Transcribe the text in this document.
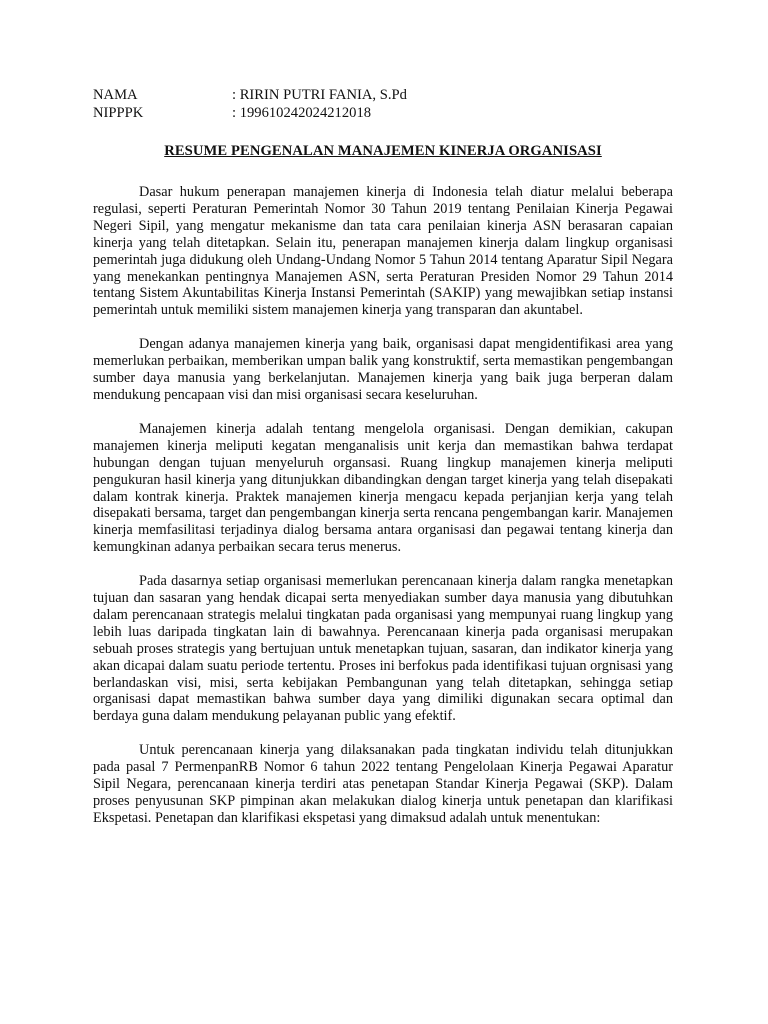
NAMA	: RIRIN PUTRI FANIA, S.Pd
NIPPPK	: 199610242024212018
RESUME PENGENALAN MANAJEMEN KINERJA ORGANISASI

Dasar hukum penerapan manajemen kinerja di Indonesia telah diatur melalui beberapa regulasi, seperti Peraturan Pemerintah Nomor 30 Tahun 2019 tentang Penilaian Kinerja Pegawai Negeri Sipil, yang mengatur mekanisme dan tata cara penilaian kinerja ASN berasaran capaian kinerja yang telah ditetapkan. Selain itu, penerapan manajemen kinerja dalam lingkup organisasi pemerintah juga didukung oleh Undang-Undang Nomor 5 Tahun 2014 tentang Aparatur Sipil Negara yang menekankan pentingnya Manajemen ASN, serta Peraturan Presiden Nomor 29 Tahun 2014 tentang Sistem Akuntabilitas Kinerja Instansi Pemerintah (SAKIP) yang mewajibkan setiap instansi pemerintah untuk memiliki sistem manajemen kinerja yang transparan dan akuntabel.

Dengan adanya manajemen kinerja yang baik, organisasi dapat mengidentifikasi area yang memerlukan perbaikan, memberikan umpan balik yang konstruktif, serta memastikan pengembangan sumber daya manusia yang berkelanjutan. Manajemen kinerja yang baik juga berperan dalam mendukung pencapaan visi dan misi organisasi secara keseluruhan.

Manajemen kinerja adalah tentang mengelola organisasi. Dengan demikian, cakupan manajemen kinerja meliputi kegatan menganalisis unit kerja dan memastikan bahwa terdapat hubungan dengan tujuan menyeluruh organsasi. Ruang lingkup manajemen kinerja meliputi pengukuran hasil kinerja yang ditunjukkan dibandingkan dengan target kinerja yang telah disepakati dalam kontrak kinerja. Praktek manajemen kinerja mengacu kepada perjanjian kerja yang telah disepakati bersama, target dan pengembangan kinerja serta rencana pengembangan karir. Manajemen kinerja memfasilitasi terjadinya dialog bersama antara organisasi dan pegawai tentang kinerja dan kemungkinan adanya perbaikan secara terus menerus.

Pada dasarnya setiap organisasi memerlukan perencanaan kinerja dalam rangka menetapkan tujuan dan sasaran yang hendak dicapai serta menyediakan sumber daya manusia yang dibutuhkan dalam perencanaan strategis melalui tingkatan pada organisasi yang mempunyai ruang lingkup yang lebih luas daripada tingkatan lain di bawahnya. Perencanaan kinerja pada organisasi merupakan sebuah proses strategis yang bertujuan untuk menetapkan tujuan, sasaran, dan indikator kinerja yang akan dicapai dalam suatu periode tertentu. Proses ini berfokus pada identifikasi tujuan orgnisasi yang berlandaskan visi, misi, serta kebijakan Pembangunan yang telah ditetapkan, sehingga setiap organisasi dapat memastikan bahwa sumber daya yang dimiliki digunakan secara optimal dan berdaya guna dalam mendukung pelayanan public yang efektif.

Untuk perencanaan kinerja yang dilaksanakan pada tingkatan individu telah ditunjukkan pada pasal 7 PermenpanRB Nomor 6 tahun 2022 tentang Pengelolaan Kinerja Pegawai Aparatur Sipil Negara, perencanaan kinerja terdiri atas penetapan Standar Kinerja Pegawai (SKP). Dalam proses penyusunan SKP pimpinan akan melakukan dialog kinerja untuk penetapan dan klarifikasi Ekspetasi. Penetapan dan klarifikasi ekspetasi yang dimaksud adalah untuk menentukan:
